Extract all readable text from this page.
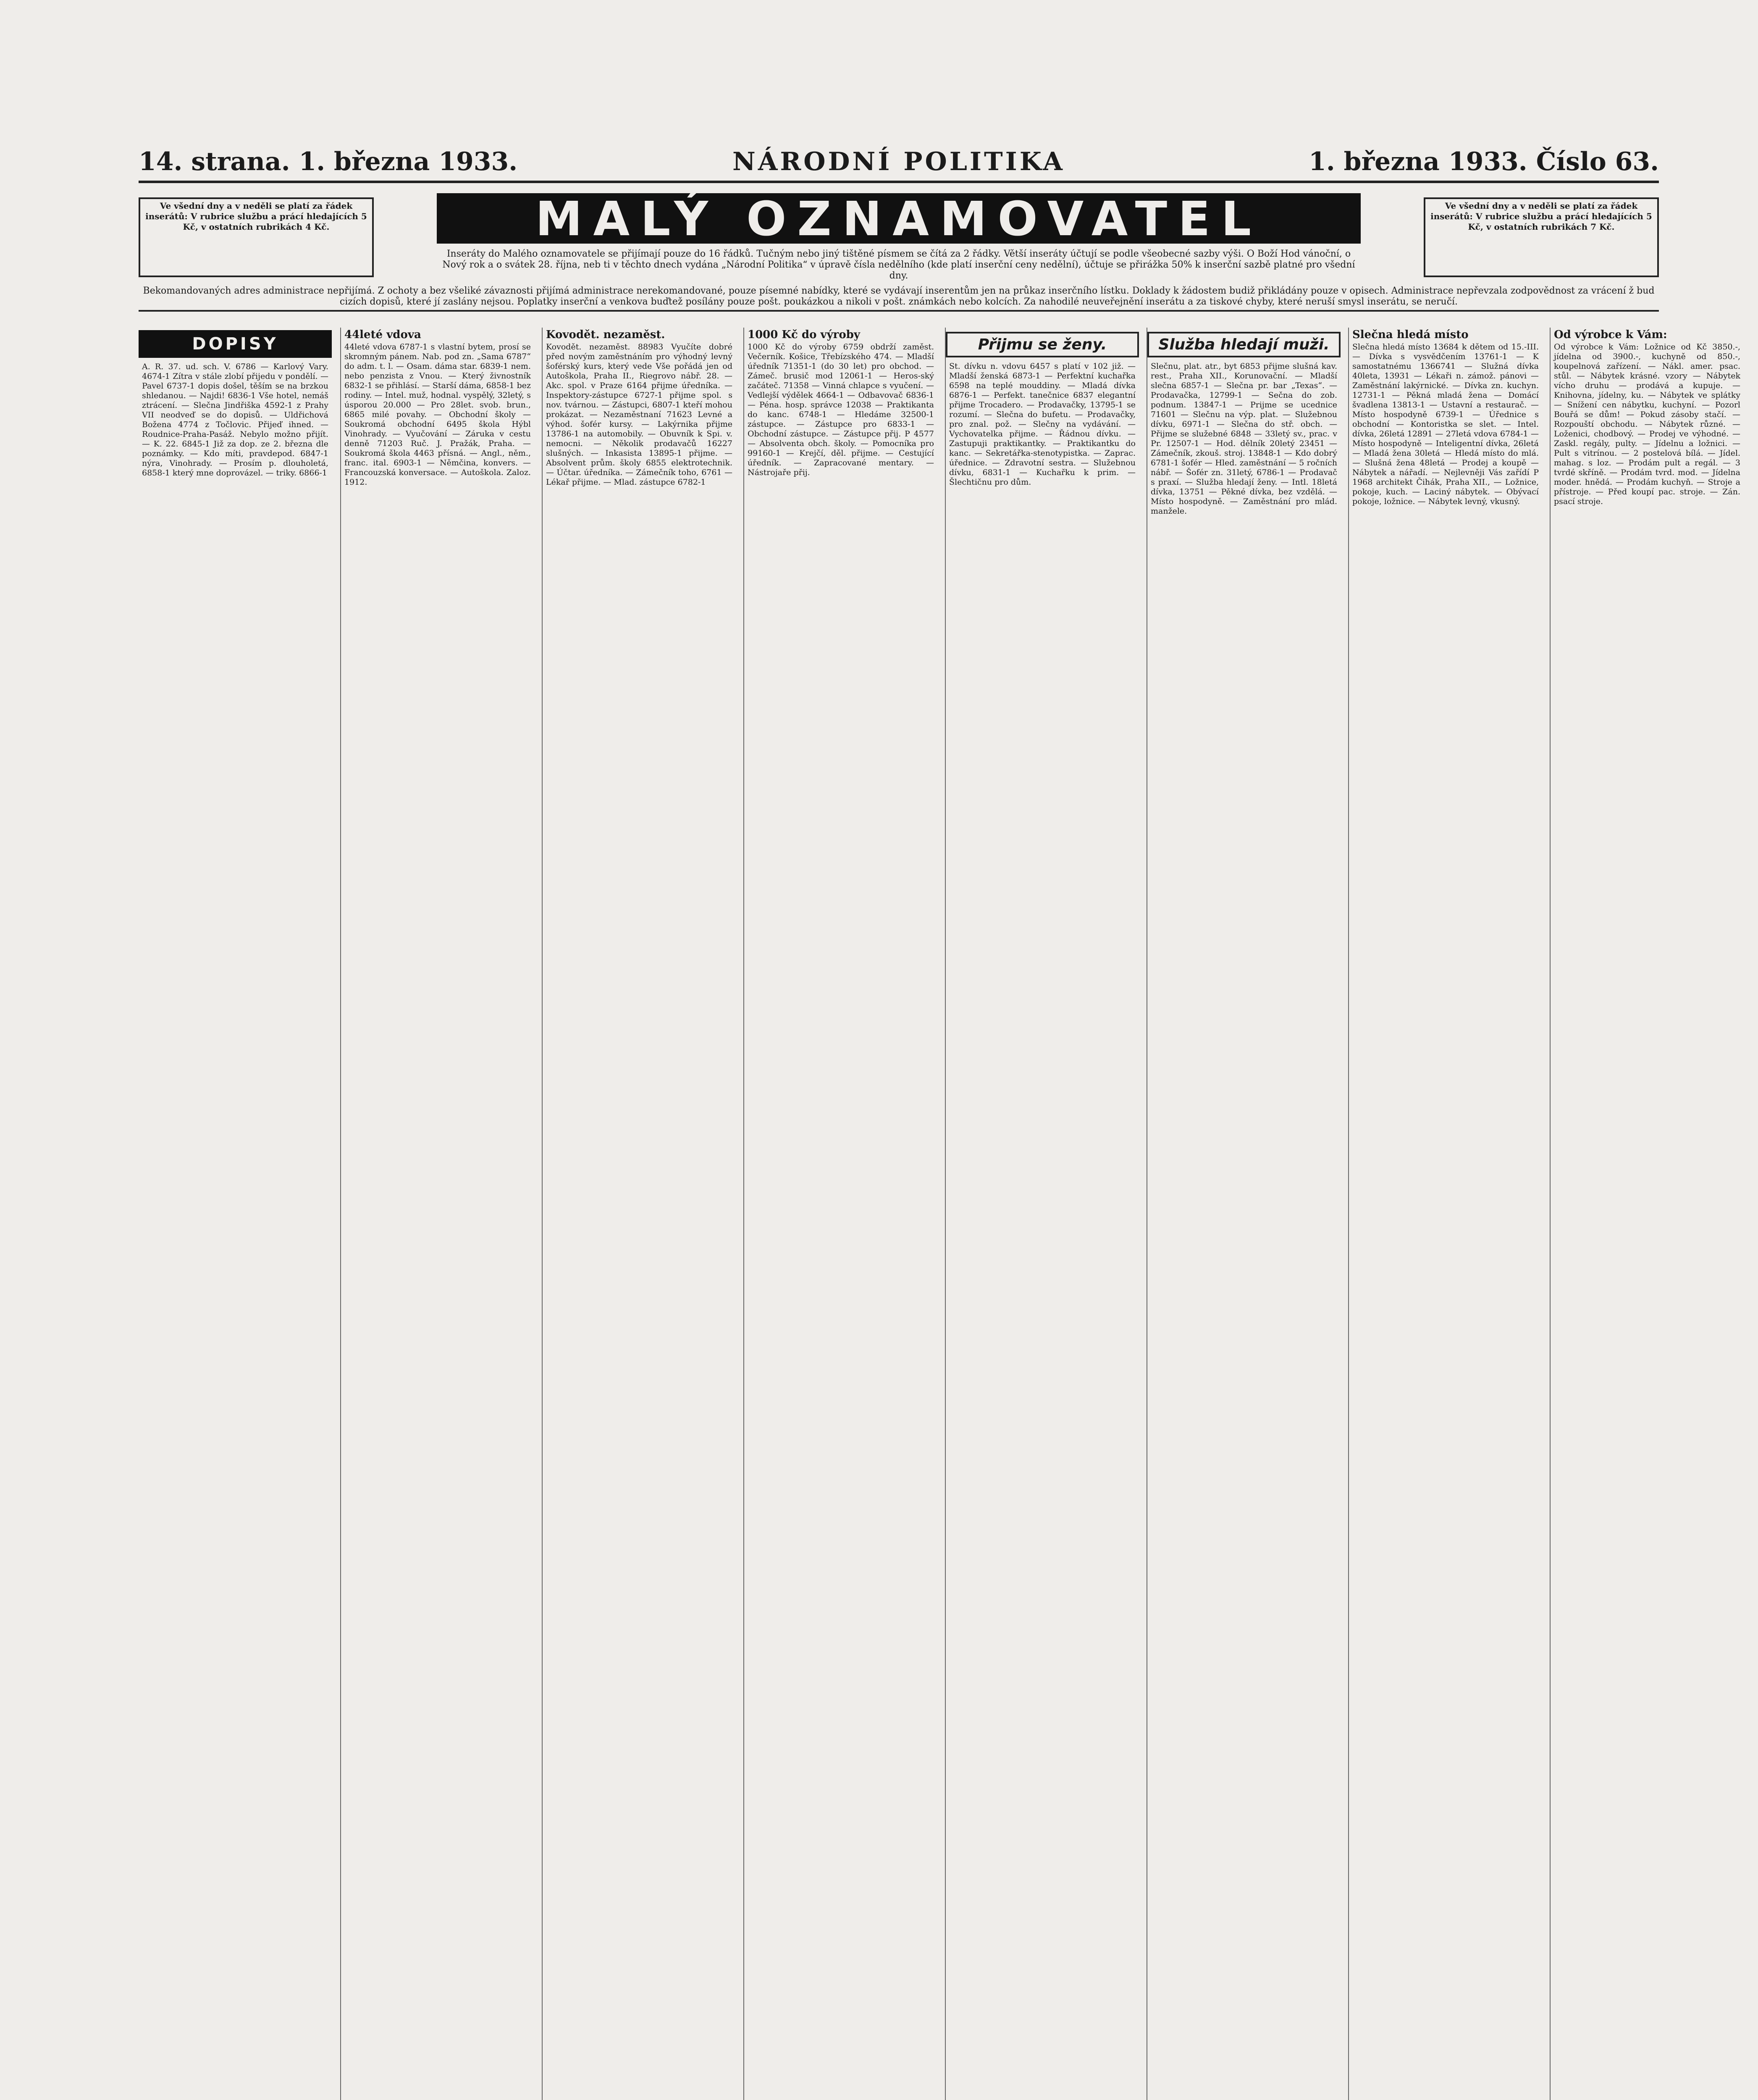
14. strana. 1. března 1933.	NÁRODNÍ POLITIKA	1. března 1933. Číslo 63.
Ve všední dny a v neděli se platí za řádek inserátů: V rubrice službu a prácí hledajících 5 Kč, v ostatních rubrikách 4 Kč.	MALÝ OZNAMOVATEL
Inseráty do Malého oznamovatele se přijímají pouze do 16 řádků. Tučným nebo jiný tištěné písmem se čítá za 2 řádky. Větší inseráty účtují se podle všeobecné sazby výši. O Boží Hod vánoční, o Nový rok a o svátek 28. října, neb ti v těchto dnech vydána „Národní Politika“ v úpravě čísla nedělního (kde platí inserční ceny nedělní), účtuje se přirážka 50% k inserční sazbě platné pro všední dny.
Ve všední dny a v neděli se platí za řádek inserátů: V rubrice službu a prácí hledajících 5 Kč, v ostatních rubrikách 7 Kč.
Bekomandovaných adres administrace nepřijímá. Z ochoty a bez všeliké závaznosti přijímá administrace nerekomandované, pouze písemné nabídky, které se vydávají inserentům jen na průkaz inserčního lístku. Doklady k žádostem budiž přikládány pouze v opisech. Administrace nepřevzala zodpovědnost za vrácení ž bud cizích dopisů, které jí zaslány nejsou. Poplatky inserční a venkova buďtež posílány pouze pošt. poukázkou a nikoli v pošt. známkách nebo kolcích. Za nahodilé neuveřejnění inserátu a za tiskové chyby, které neruší smysl inserátu, se neručí.
DOPISY
A. R. 37. ud. sch. V. 6786 — Karlový Vary. 4674-1 Zítra v stále zlobí přijedu v pondělí. — Pavel 6737-1 dopis došel, těším se na brzkou shledanou. — Najdi! 6836-1 Vše hotel, nemáš ztrácení. — Slečna Jindřiška 4592-1 z Prahy VII neodveď se do dopisů. — Uldřichová Božena 4774 z Točlovic. Přijeď ihned. — Roudnice-Praha-Pasáž. Nebylo možno přijít. — K. 22. 6845-1 Již za dop. ze 2. března dle poznámky. — Kdo míti, pravdepod. 6847-1 nýra, Vinohrady. — Prosím p. dlouholetá, 6858-1 který mne doprovázel. — triky. 6866-1
44leté vdova
44leté vdova 6787-1 s vlastní bytem, prosí se skromným pánem. Nab. pod zn. „Sama 6787“ do adm. t. l. — Osam. dáma star. 6839-1 nem. nebo penzista z Vnou. — Který živnostník 6832-1 se přihlásí. — Starší dáma, 6858-1 bez rodiny. — Intel. muž, hodnal. vyspělý, 32letý, s úsporou 20.000 — Pro 28let. svob. brun., 6865 milé povahy. — Obchodní školy — Soukromá obchodní 6495 škola Hýbl Vinohrady. — Vyučování — Záruka v cestu denně 71203 Ruč. J. Pražák, Praha. — Soukromá škola 4463 přísná. — Angl., něm., franc. ital. 6903-1 — Němčina, konvers. — Francouzská konversace. — Autoškola. Zaloz. 1912.
Kovodět. nezaměst.
Kovodět. nezaměst. 88983 Vyučíte dobré před novým zaměstnáním pro výhodný levný šoférský kurs, který vede Vše pořádá jen od Autoškola, Praha II., Riegrovo nábř. 28. — Akc. spol. v Praze 6164 přijme úředníka. — Inspektory-zástupce 6727-1 přijme spol. s nov. tvárnou. — Zástupci, 6807-1 kteří mohou prokázat. — Nezaměstnaní 71623 Levné a výhod. šofér kursy. — Lakýrnika přijme 13786-1 na automobily. — Obuvník k Spi. v. nemocni. — Několik prodavačů 16227 slušných. — Inkasista 13895-1 přijme. — Absolvent prům. školy 6855 elektrotechnik. — Účtar. úředníka. — Zámečník toho, 6761 — Lékař přijme. — Mlad. zástupce 6782-1
1000 Kč do výroby
1000 Kč do výroby 6759 obdrží zaměst. Večerník. Košice, Třebízského 474. — Mladší úředník 71351-1 (do 30 let) pro obchod. — Zámeč. brusič mod 12061-1 — Heros-ský začáteč. 71358 — Vinná chlapce s vyučení. — Vedlejší výdělek 4664-1 — Odbavovač 6836-1 — Péna. hosp. správce 12038 — Praktikanta do kanc. 6748-1 — Hledáme 32500-1 zástupce. — Zástupce pro 6833-1 — Obchodní zástupce. — Zástupce přij. P 4577 — Absolventa obch. školy. — Pomocníka pro 99160-1 — Krejčí, děl. přijme. — Cestující úředník. — Zapracované mentary. — Nástrojaře přij.
Přijmu se ženy.
St. dívku n. vdovu 6457 s platí v 102 již. — Mladší ženská 6873-1 — Perfektní kuchařka 6598 na teplé mouddiny. — Mladá dívka 6876-1 — Perfekt. tanečnice 6837 elegantní přijme Trocadero. — Prodavačky, 13795-1 se rozumí. — Slečna do bufetu. — Prodavačky, pro znal. pož. — Slečny na vydávání. — Vychovatelka přijme. — Řádnou dívku. — Zastupuji praktikantky. — Praktikantku do kanc. — Sekretářka-stenotypistka. — Zaprac. úřednice. — Zdravotní sestra. — Služebnou dívku, 6831-1 — Kuchařku k prim. — Šlechtičnu pro dům.
Služba hledají muži.
Slečnu, plat. atr., byt 6853 přijme slušná kav. rest., Praha XII., Korunovační. — Mladší slečna 6857-1 — Slečna pr. bar „Texas“. — Prodavačka, 12799-1 — Sečna do zob. podnum. 13847-1 — Prijme se ucednice 71601 — Slečnu na výp. plat. — Služebnou dívku, 6971-1 — Slečna do stř. obch. — Přijme se služebné 6848 — 33letý sv., prac. v Pr. 12507-1 — Hod. dělník 20letý 23451 — Zámečník, zkouš. stroj. 13848-1 — Kdo dobrý 6781-1 šofér — Hled. zaměstnání — 5 ročních nábř. — Šofér zn. 31letý, 6786-1 — Prodavač s praxí. — Služba hledají ženy. — Intl. 18letá dívka, 13751 — Pěkné dívka, bez vzdělá. — Místo hospodyně. — Zaměstnání pro mlád. manžele.
Slečna hledá místo
Slečna hledá místo 13684 k dětem od 15.-III. — Dívka s vysvědčením 13761-1 — K samostatnému 1366741 — Služná dívka 40leta, 13931 — Lékaři n. zámož. pánovi — Zaměstnání lakýrnické. — Dívka zn. kuchyn. 12731-1 — Pěkná mladá žena — Domácí švadlena 13813-1 — Ustavní a restaurač. — Místo hospodyně 6739-1 — Úřednice s obchodní — Kontoristka se slet. — Intel. dívka, 26letá 12891 — 27letá vdova 6784-1 — Místo hospodyně — Inteligentní dívka, 26letá — Mladá žena 30letá — Hledá místo do mlá. — Slušná žena 48letá — Prodej a koupě — Nábytek a nářadí. — Nejlevněji Vás zařídí P 1968 architekt Čihák, Praha XII., — Ložnice, pokoje, kuch. — Laciný nábytek. — Obývací pokoje, ložnice. — Nábytek levný, vkusný.
Od výrobce k Vám:
Od výrobce k Vám: Ložnice od Kč 3850.-, jídelna od 3900.-, kuchyně od 850.-, koupelnová zařízení. — Nákl. amer. psac. stůl. — Nábytek krásné. vzory — Nábytek vícho druhu — prodává a kupuje. — Knihovna, jídelny, ku. — Nábytek ve splátky — Snížení cen nábytku, kuchyní. — Pozorl Bouřá se dům! — Pokud zásoby stačí. — Rozpouští obchodu. — Nábytek různé. — Loženici, chodbový. — Prodej ve výhodné. — Zaskl. regály, pulty. — Jídelnu a ložnici. — Pult s vitrínou. — 2 postelová bílá. — Jídel. mahag. s loz. — Prodám pult a regál. — 3 tvrdé skříně. — Prodám tvrd. mod. — Jídelna moder. hnědá. — Prodám kuchyň. — Stroje a přístroje. — Před koupí pac. stroje. — Zán. psací stroje.
